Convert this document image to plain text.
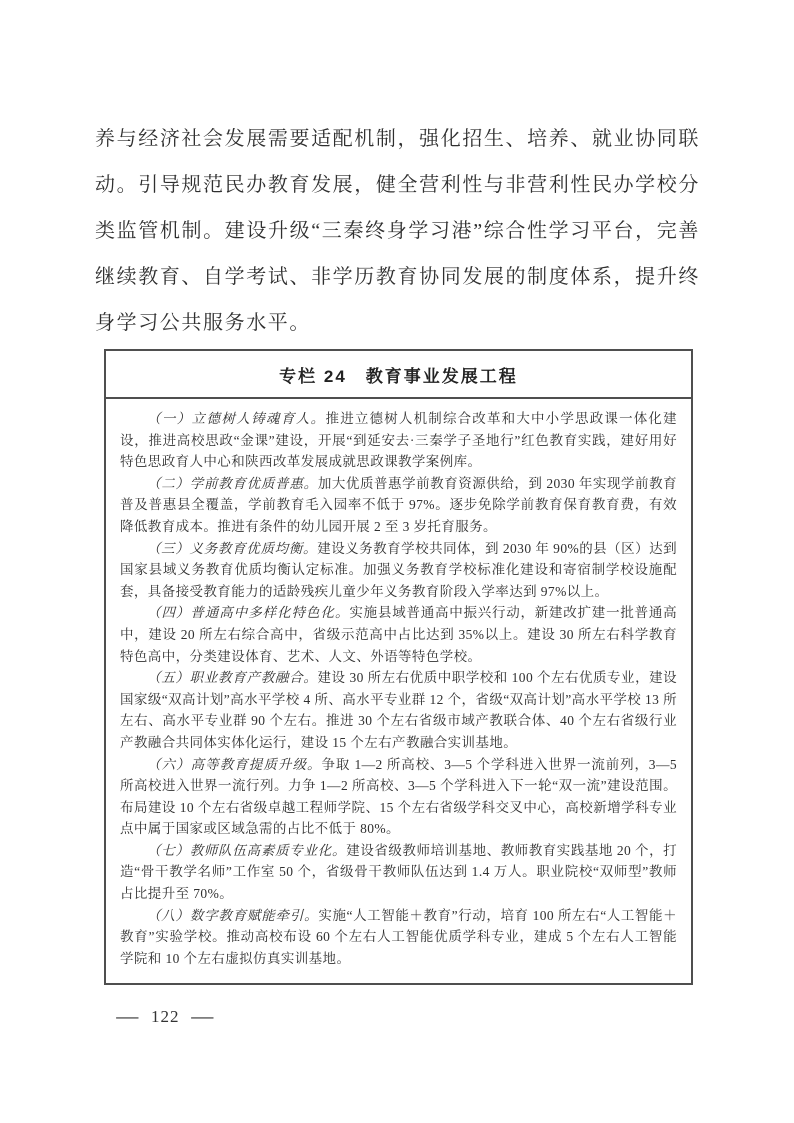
养与经济社会发展需要适配机制，强化招生、培养、就业协同联动。引导规范民办教育发展，健全营利性与非营利性民办学校分类监管机制。建设升级“三秦终身学习港”综合性学习平台，完善继续教育、自学考试、非学历教育协同发展的制度体系，提升终身学习公共服务水平。

专栏 24　教育事业发展工程

（一）立德树人铸魂育人。推进立德树人机制综合改革和大中小学思政课一体化建设，推进高校思政“金课”建设，开展“到延安去·三秦学子圣地行”红色教育实践，建好用好特色思政育人中心和陕西改革发展成就思政课教学案例库。

（二）学前教育优质普惠。加大优质普惠学前教育资源供给，到 2030 年实现学前教育普及普惠县全覆盖，学前教育毛入园率不低于 97%。逐步免除学前教育保育教育费，有效降低教育成本。推进有条件的幼儿园开展 2 至 3 岁托育服务。

（三）义务教育优质均衡。建设义务教育学校共同体，到 2030 年 90%的县（区）达到国家县域义务教育优质均衡认定标准。加强义务教育学校标准化建设和寄宿制学校设施配套，具备接受教育能力的适龄残疾儿童少年义务教育阶段入学率达到 97%以上。

（四）普通高中多样化特色化。实施县域普通高中振兴行动，新建改扩建一批普通高中，建设 20 所左右综合高中，省级示范高中占比达到 35%以上。建设 30 所左右科学教育特色高中，分类建设体育、艺术、人文、外语等特色学校。

（五）职业教育产教融合。建设 30 所左右优质中职学校和 100 个左右优质专业，建设国家级“双高计划”高水平学校 4 所、高水平专业群 12 个，省级“双高计划”高水平学校 13 所左右、高水平专业群 90 个左右。推进 30 个左右省级市域产教联合体、40 个左右省级行业产教融合共同体实体化运行，建设 15 个左右产教融合实训基地。

（六）高等教育提质升级。争取 1—2 所高校、3—5 个学科进入世界一流前列，3—5 所高校进入世界一流行列。力争 1—2 所高校、3—5 个学科进入下一轮“双一流”建设范围。布局建设 10 个左右省级卓越工程师学院、15 个左右省级学科交叉中心，高校新增学科专业点中属于国家或区域急需的占比不低于 80%。

（七）教师队伍高素质专业化。建设省级教师培训基地、教师教育实践基地 20 个，打造“骨干教学名师”工作室 50 个，省级骨干教师队伍达到 1.4 万人。职业院校“双师型”教师占比提升至 70%。

（八）数字教育赋能牵引。实施“人工智能＋教育”行动，培育 100 所左右“人工智能＋教育”实验学校。推动高校布设 60 个左右人工智能优质学科专业，建成 5 个左右人工智能学院和 10 个左右虚拟仿真实训基地。

— 122 —
